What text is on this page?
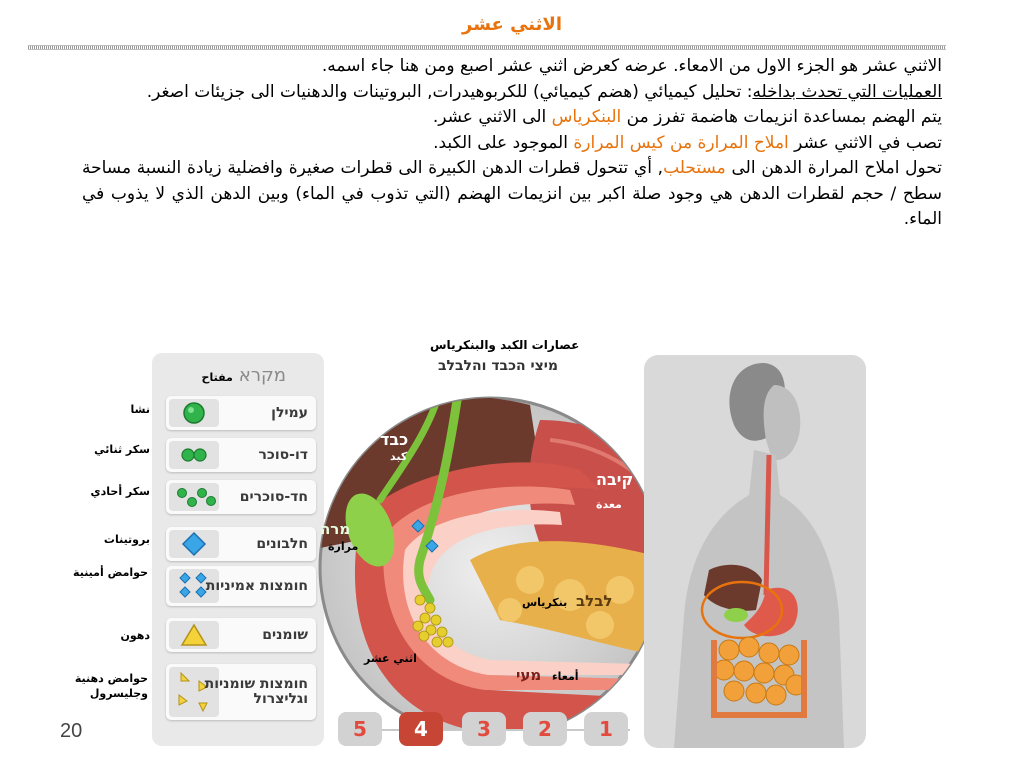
الاثني عشر
الاثني عشر هو الجزء الاول من الامعاء. عرضه كعرض اثني عشر اصبع ومن هنا جاء اسمه.
العمليات التي تحدث بداخله: تحليل كيميائي (هضم كيميائي) للكربوهيدرات, البروتينات والدهنيات الى جزيئات اصغر.
يتم الهضم بمساعدة انزيمات هاضمة تفرز من البنكرياس الى الاثني عشر.
تصب في الاثني عشر املاح المرارة من كيس المرارة الموجود على الكبد.
تحول املاح المرارة الدهن الى مستحلب, أي تتحول قطرات الدهن الكبيرة الى قطرات صغيرة وافضلية زيادة النسبة مساحة سطح / حجم لقطرات الدهن هي وجود صلة اكبر بين انزيمات الهضم (التي تذوب في الماء) وبين الدهن الذي لا يذوب في الماء.
מקרא
مفتاح
עמילן
דו-סוכר
חד-סוכרים
חלבונים
חומצות אמיניות
שומנים
חומצות שומניות וגליצרול
نشا
سكر ثنائي
سكر أحادي
بروتينات
حوامض أمينية
دهون
حوامض دهنية وجليسرول
عصارات الكبد والبنكرياس
מיצי הכבד והלבלב
כבד
كبد
קיבה
معدة
מרה
مرارة
לבלב
بنكرياس
اثني عشر
מעי أمعاء
5	4	3	2	1
20
